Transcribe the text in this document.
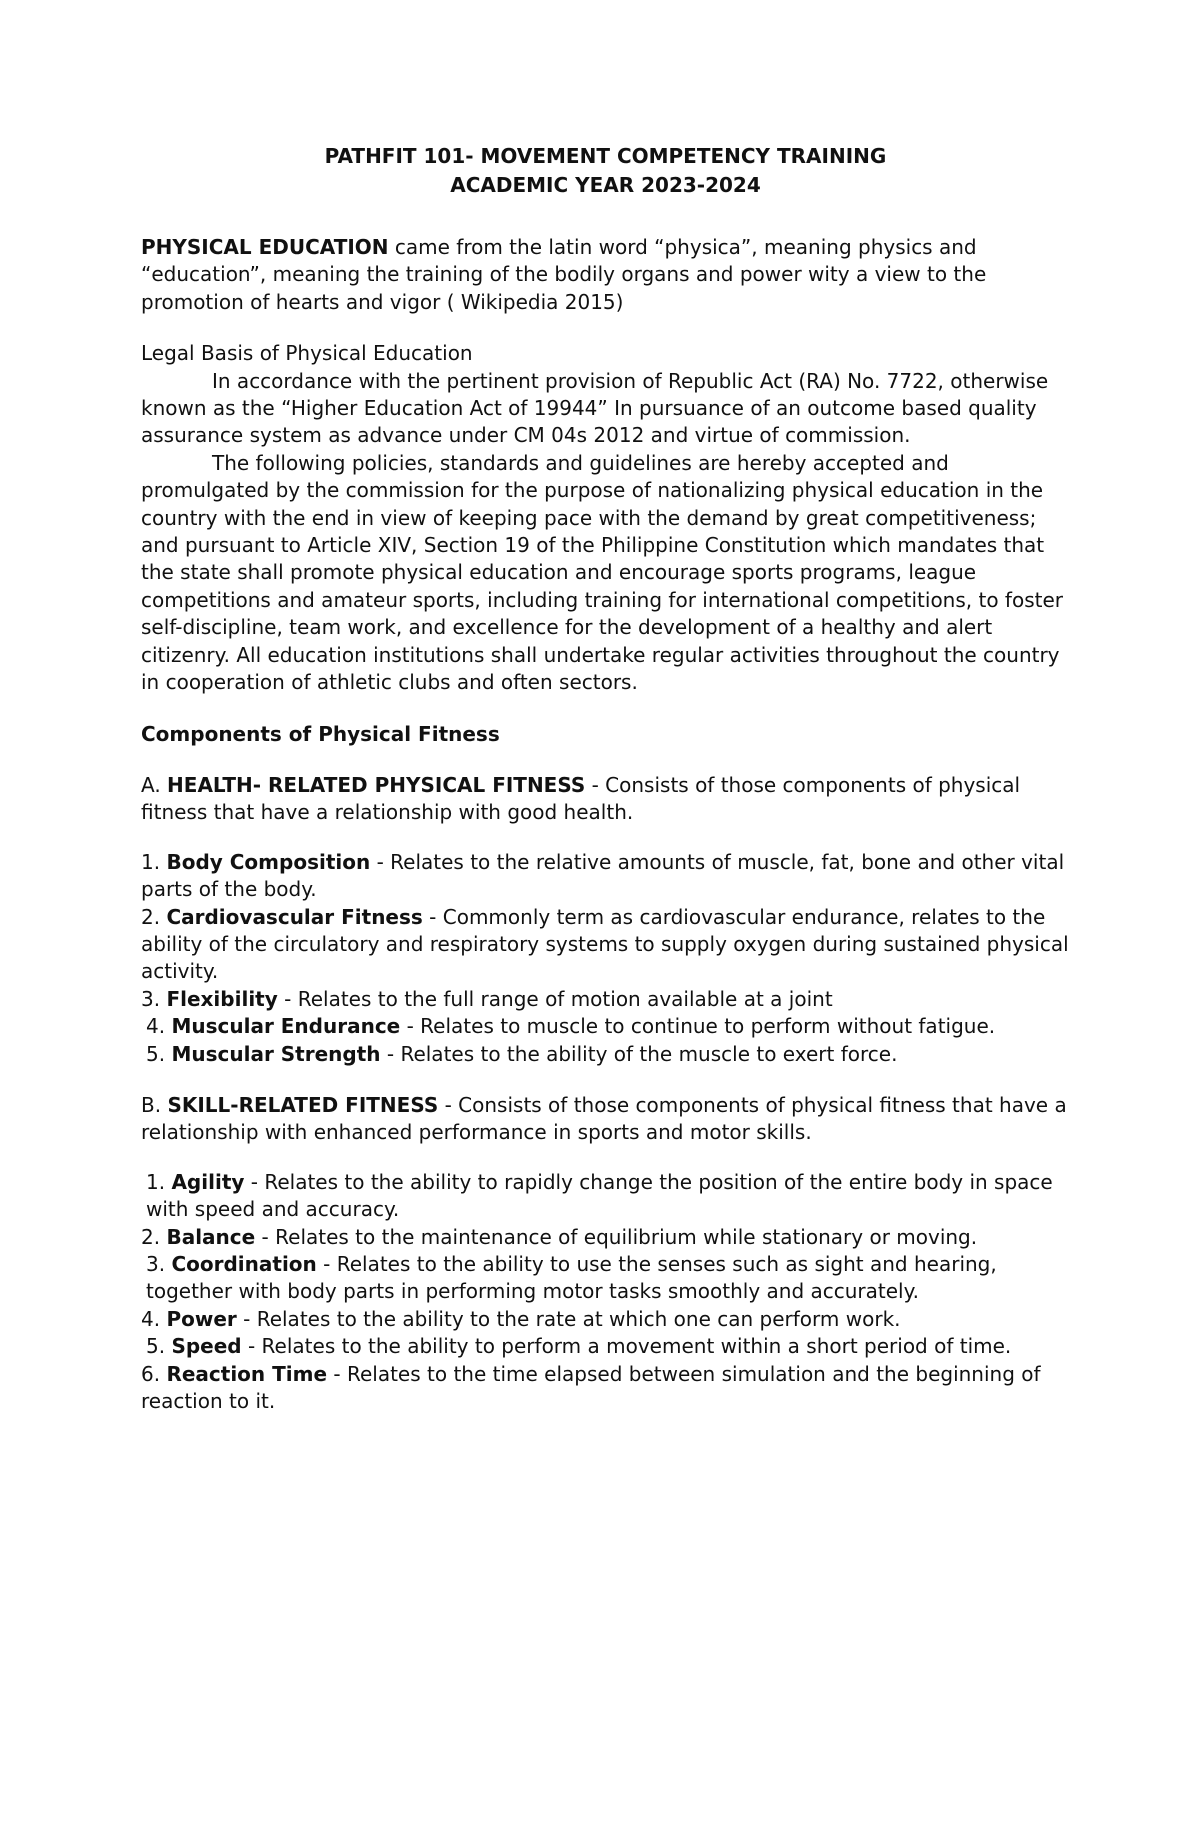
PATHFIT 101- MOVEMENT COMPETENCY TRAINING
ACADEMIC YEAR 2023-2024

PHYSICAL EDUCATION came from the latin word “physica”, meaning physics and “education”, meaning the training of the bodily organs and power wity a view to the promotion of hearts and vigor ( Wikipedia 2015)

Legal Basis of Physical Education

In accordance with the pertinent provision of Republic Act (RA) No. 7722, otherwise known as the “Higher Education Act of 19944” In pursuance of an outcome based quality assurance system as advance under CM 04s 2012 and virtue of commission.

The following policies, standards and guidelines are hereby accepted and promulgated by the commission for the purpose of nationalizing physical education in the country with the end in view of keeping pace with the demand by great competitiveness; and pursuant to Article XIV, Section 19 of the Philippine Constitution which mandates that the state shall promote physical education and encourage sports programs, league competitions and amateur sports, including training for international competitions, to foster self-discipline, team work, and excellence for the development of a healthy and alert citizenry. All education institutions shall undertake regular activities throughout the country in cooperation of athletic clubs and often sectors.

Components of Physical Fitness

A. HEALTH- RELATED PHYSICAL FITNESS - Consists of those components of physical fitness that have a relationship with good health.

1. Body Composition - Relates to the relative amounts of muscle, fat, bone and other vital parts of the body.

2. Cardiovascular Fitness - Commonly term as cardiovascular endurance, relates to the ability of the circulatory and respiratory systems to supply oxygen during sustained physical activity.

3. Flexibility - Relates to the full range of motion available at a joint

4. Muscular Endurance - Relates to muscle to continue to perform without fatigue.

5. Muscular Strength - Relates to the ability of the muscle to exert force.

B. SKILL-RELATED FITNESS - Consists of those components of physical fitness that have a relationship with enhanced performance in sports and motor skills.

1. Agility - Relates to the ability to rapidly change the position of the entire body in space with speed and accuracy.

2. Balance - Relates to the maintenance of equilibrium while stationary or moving.

3. Coordination - Relates to the ability to use the senses such as sight and hearing, together with body parts in performing motor tasks smoothly and accurately.

4. Power - Relates to the ability to the rate at which one can perform work.

5. Speed - Relates to the ability to perform a movement within a short period of time.

6. Reaction Time - Relates to the time elapsed between simulation and the beginning of reaction to it.
